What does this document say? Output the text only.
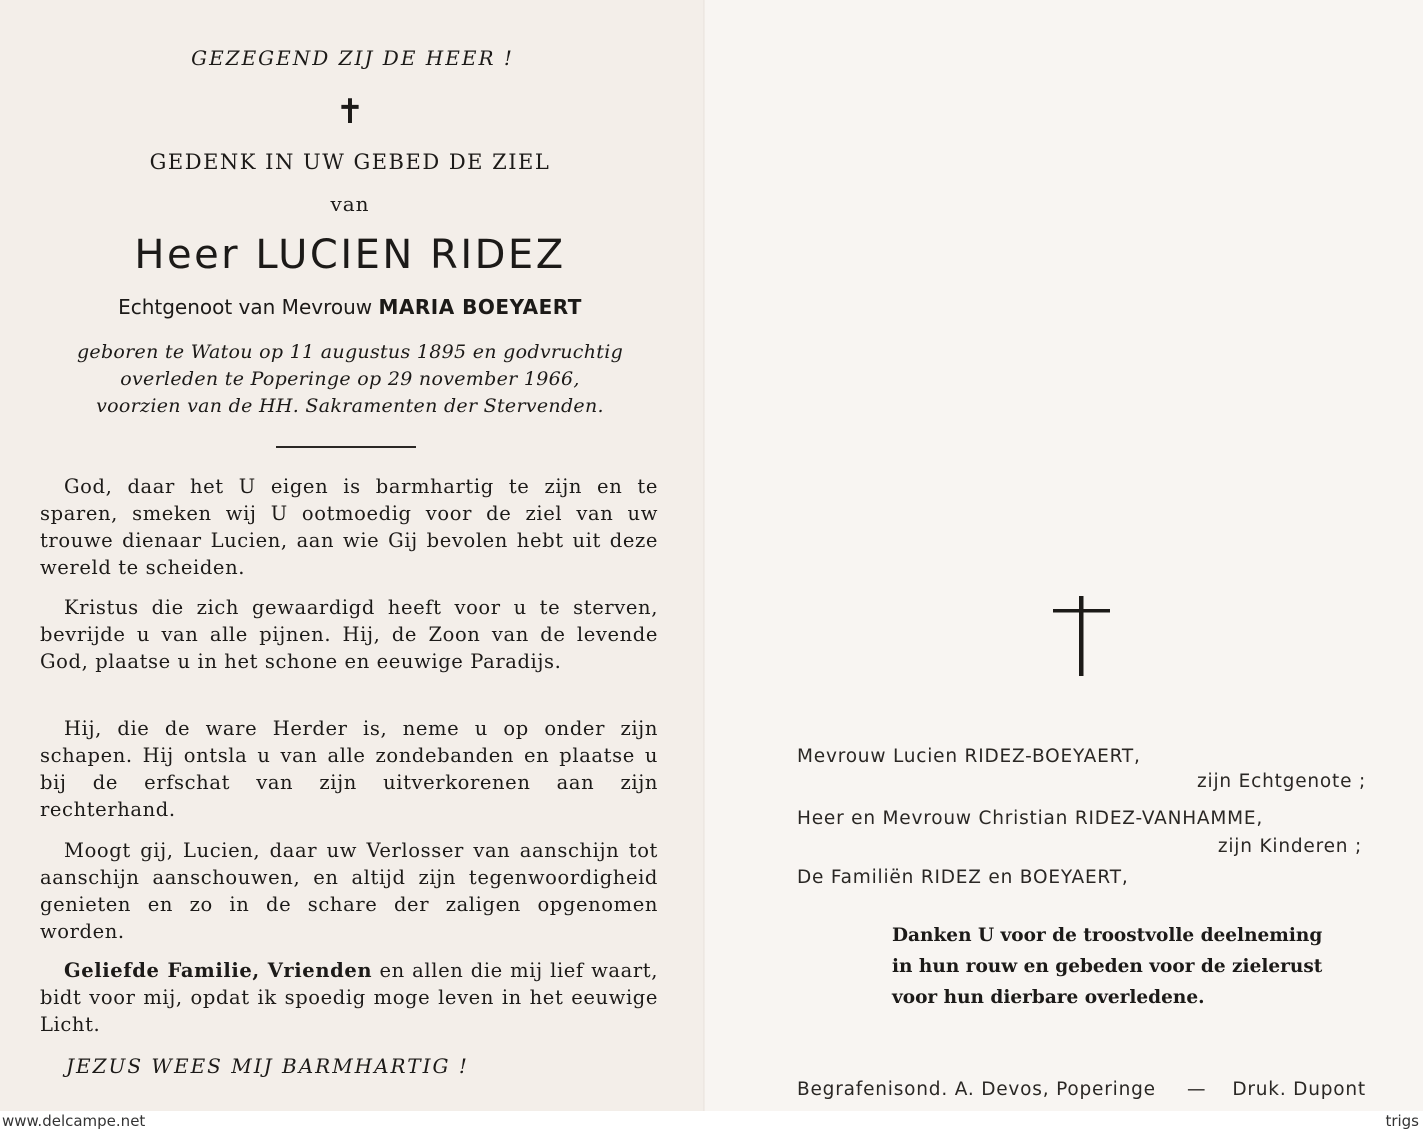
GEZEGEND ZIJ DE HEER !
✝
GEDENK IN UW GEBED DE ZIEL
van
Heer LUCIEN RIDEZ
Echtgenoot van Mevrouw MARIA BOEYAERT
geboren te Watou op 11 augustus 1895 en godvruchtig
overleden te Poperinge op 29 november 1966,
voorzien van de HH. Sakramenten der Stervenden.
God, daar het U eigen is barmhartig te zijn en te sparen, smeken wij U ootmoedig voor de ziel van uw trouwe dienaar Lucien, aan wie Gij bevolen hebt uit deze wereld te scheiden.
Kristus die zich gewaardigd heeft voor u te sterven, bevrijde u van alle pijnen. Hij, de Zoon van de levende God, plaatse u in het schone en eeuwige Paradijs.
Hij, die de ware Herder is, neme u op onder zijn schapen. Hij ontsla u van alle zondebanden en plaatse u bij de erfschat van zijn uitverkorenen aan zijn rechterhand.
Moogt gij, Lucien, daar uw Verlosser van aanschijn tot aanschijn aanschouwen, en altijd zijn tegenwoordigheid genieten en zo in de schare der zaligen opgenomen worden.
Geliefde Familie, Vrienden en allen die mij lief waart, bidt voor mij, opdat ik spoedig moge leven in het eeuwige Licht.
JEZUS WEES MIJ BARMHARTIG !
Mevrouw Lucien RIDEZ-BOEYAERT,
zijn Echtgenote ;
Heer en Mevrouw Christian RIDEZ-VANHAMME,
zijn Kinderen ;
De Familiën RIDEZ en BOEYAERT,
Danken U voor de troostvolle deelneming
in hun rouw en gebeden voor de zielerust
voor hun dierbare overledene.
Begrafenisond. A. Devos, Poperinge — Druk. Dupont
www.delcampe.net	trigs
